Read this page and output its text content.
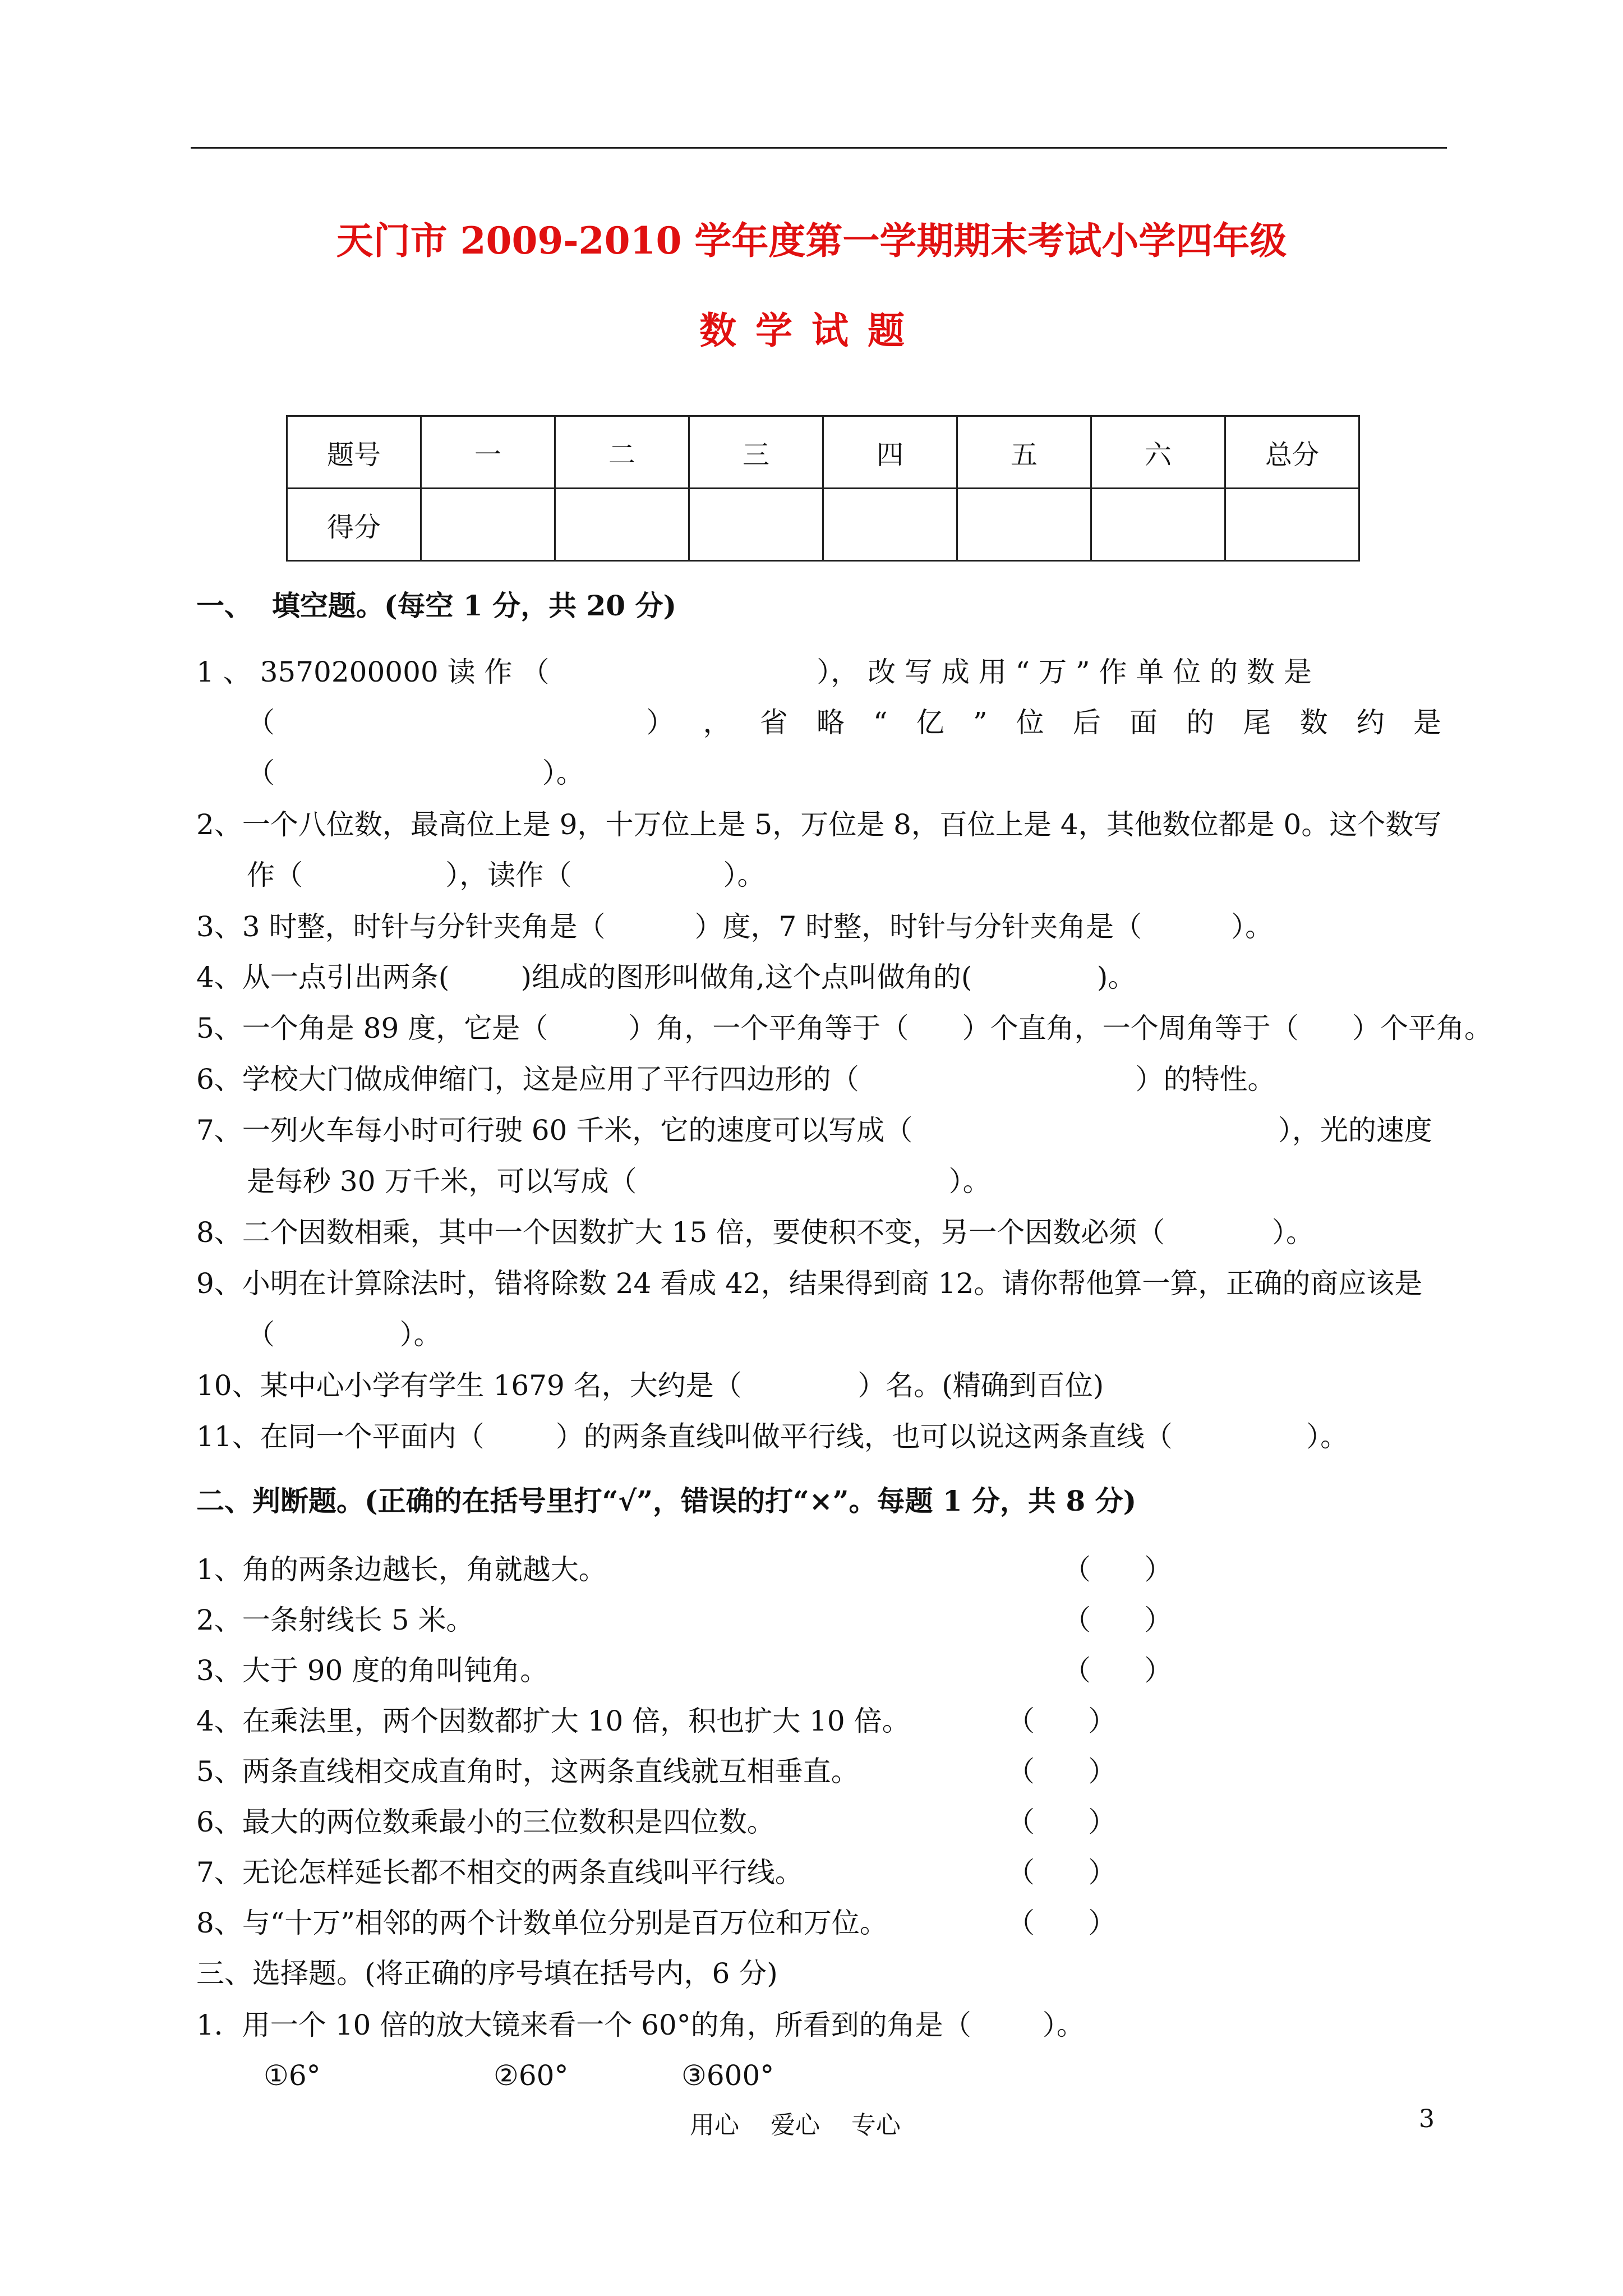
天门市 2009-2010 学年度第一学期期末考试小学四年级
数学试题
题号	一	二	三	四	五	六	总分
得分							
一、  填空题。(每空 1 分，共 20 分)
1 、 3570200000 读 作 （                              ）， 改 写 成 用 “ 万 ” 作 单 位 的 数 是
（	） ， 省 略 “ 亿 ” 位 后 面 的 尾 数 约 是
（                              ）。
2、一个八位数，最高位上是 9，十万位上是 5，万位是 8，百位上是 4，其他数位都是 0。这个数写
作（                ），读作（                 ）。
3、3 时整，时针与分针夹角是（          ）度，7 时整，时针与分针夹角是（          ）。
4、从一点引出两条(        )组成的图形叫做角,这个点叫做角的(              )。
5、一个角是 89 度，它是（         ）角，一个平角等于（      ）个直角，一个周角等于（      ）个平角。
6、学校大门做成伸缩门，这是应用了平行四边形的（                               ）的特性。
7、一列火车每小时可行驶 60 千米，它的速度可以写成（                                         ），光的速度
是每秒 30 万千米，可以写成（                                   ）。
8、二个因数相乘，其中一个因数扩大 15 倍，要使积不变，另一个因数必须（            ）。
9、小明在计算除法时，错将除数 24 看成 42，结果得到商 12。请你帮他算一算，正确的商应该是
（              ）。
10、某中心小学有学生 1679 名，大约是（             ）名。(精确到百位)
11、在同一个平面内（        ）的两条直线叫做平行线，也可以说这两条直线（               ）。
二、判断题。(正确的在括号里打“√”，错误的打“×”。每题 1 分，共 8 分)
1、角的两条边越长，角就越大。	（      ）
2、一条射线长 5 米。	（      ）
3、大于 90 度的角叫钝角。	（      ）
4、在乘法里，两个因数都扩大 10 倍，积也扩大 10 倍。	（      ）
5、两条直线相交成直角时，这两条直线就互相垂直。	（      ）
6、最大的两位数乘最小的三位数积是四位数。	（      ）
7、无论怎样延长都不相交的两条直线叫平行线。	（      ）
8、与“十万”相邻的两个计数单位分别是百万位和万位。	（      ）
三、选择题。(将正确的序号填在括号内，6 分)
1．用一个 10 倍的放大镜来看一个 60°的角，所看到的角是（        ）。
①6°	②60°	③600°
用心    爱心    专心	3
